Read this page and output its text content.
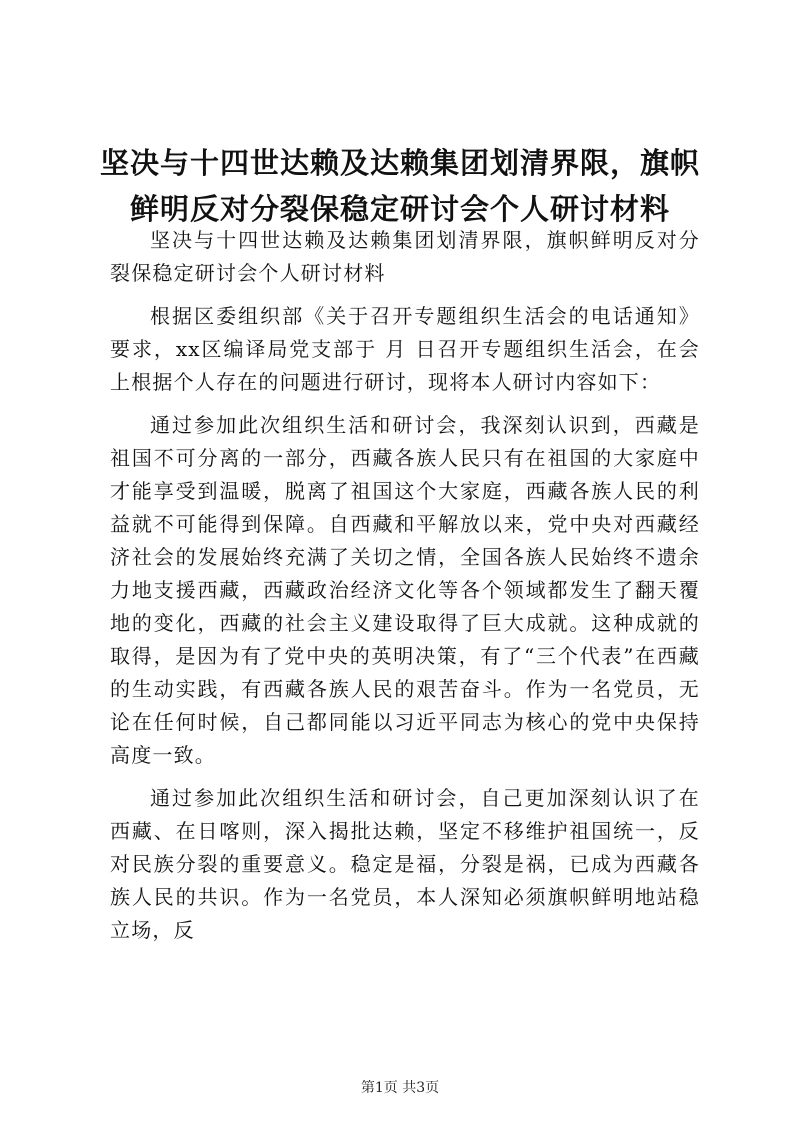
坚决与十四世达赖及达赖集团划清界限，旗帜
鲜明反对分裂保稳定研讨会个人研讨材料

坚决与十四世达赖及达赖集团划清界限，旗帜鲜明反对分裂保稳定研讨会个人研讨材料

根据区委组织部《关于召开专题组织生活会的电话通知》要求，xx区编译局党支部于 月 日召开专题组织生活会，在会上根据个人存在的问题进行研讨，现将本人研讨内容如下：

通过参加此次组织生活和研讨会，我深刻认识到，西藏是祖国不可分离的一部分，西藏各族人民只有在祖国的大家庭中才能享受到温暖，脱离了祖国这个大家庭，西藏各族人民的利益就不可能得到保障。自西藏和平解放以来，党中央对西藏经济社会的发展始终充满了关切之情，全国各族人民始终不遗余力地支援西藏，西藏政治经济文化等各个领域都发生了翻天覆地的变化，西藏的社会主义建设取得了巨大成就。这种成就的取得，是因为有了党中央的英明决策，有了“三个代表”在西藏的生动实践，有西藏各族人民的艰苦奋斗。作为一名党员，无论在任何时候，自己都同能以习近平同志为核心的党中央保持高度一致。

通过参加此次组织生活和研讨会，自己更加深刻认识了在西藏、在日喀则，深入揭批达赖，坚定不移维护祖国统一，反对民族分裂的重要意义。稳定是福，分裂是祸，已成为西藏各族人民的共识。作为一名党员，本人深知必须旗帜鲜明地站稳立场，反

第1页 共3页
